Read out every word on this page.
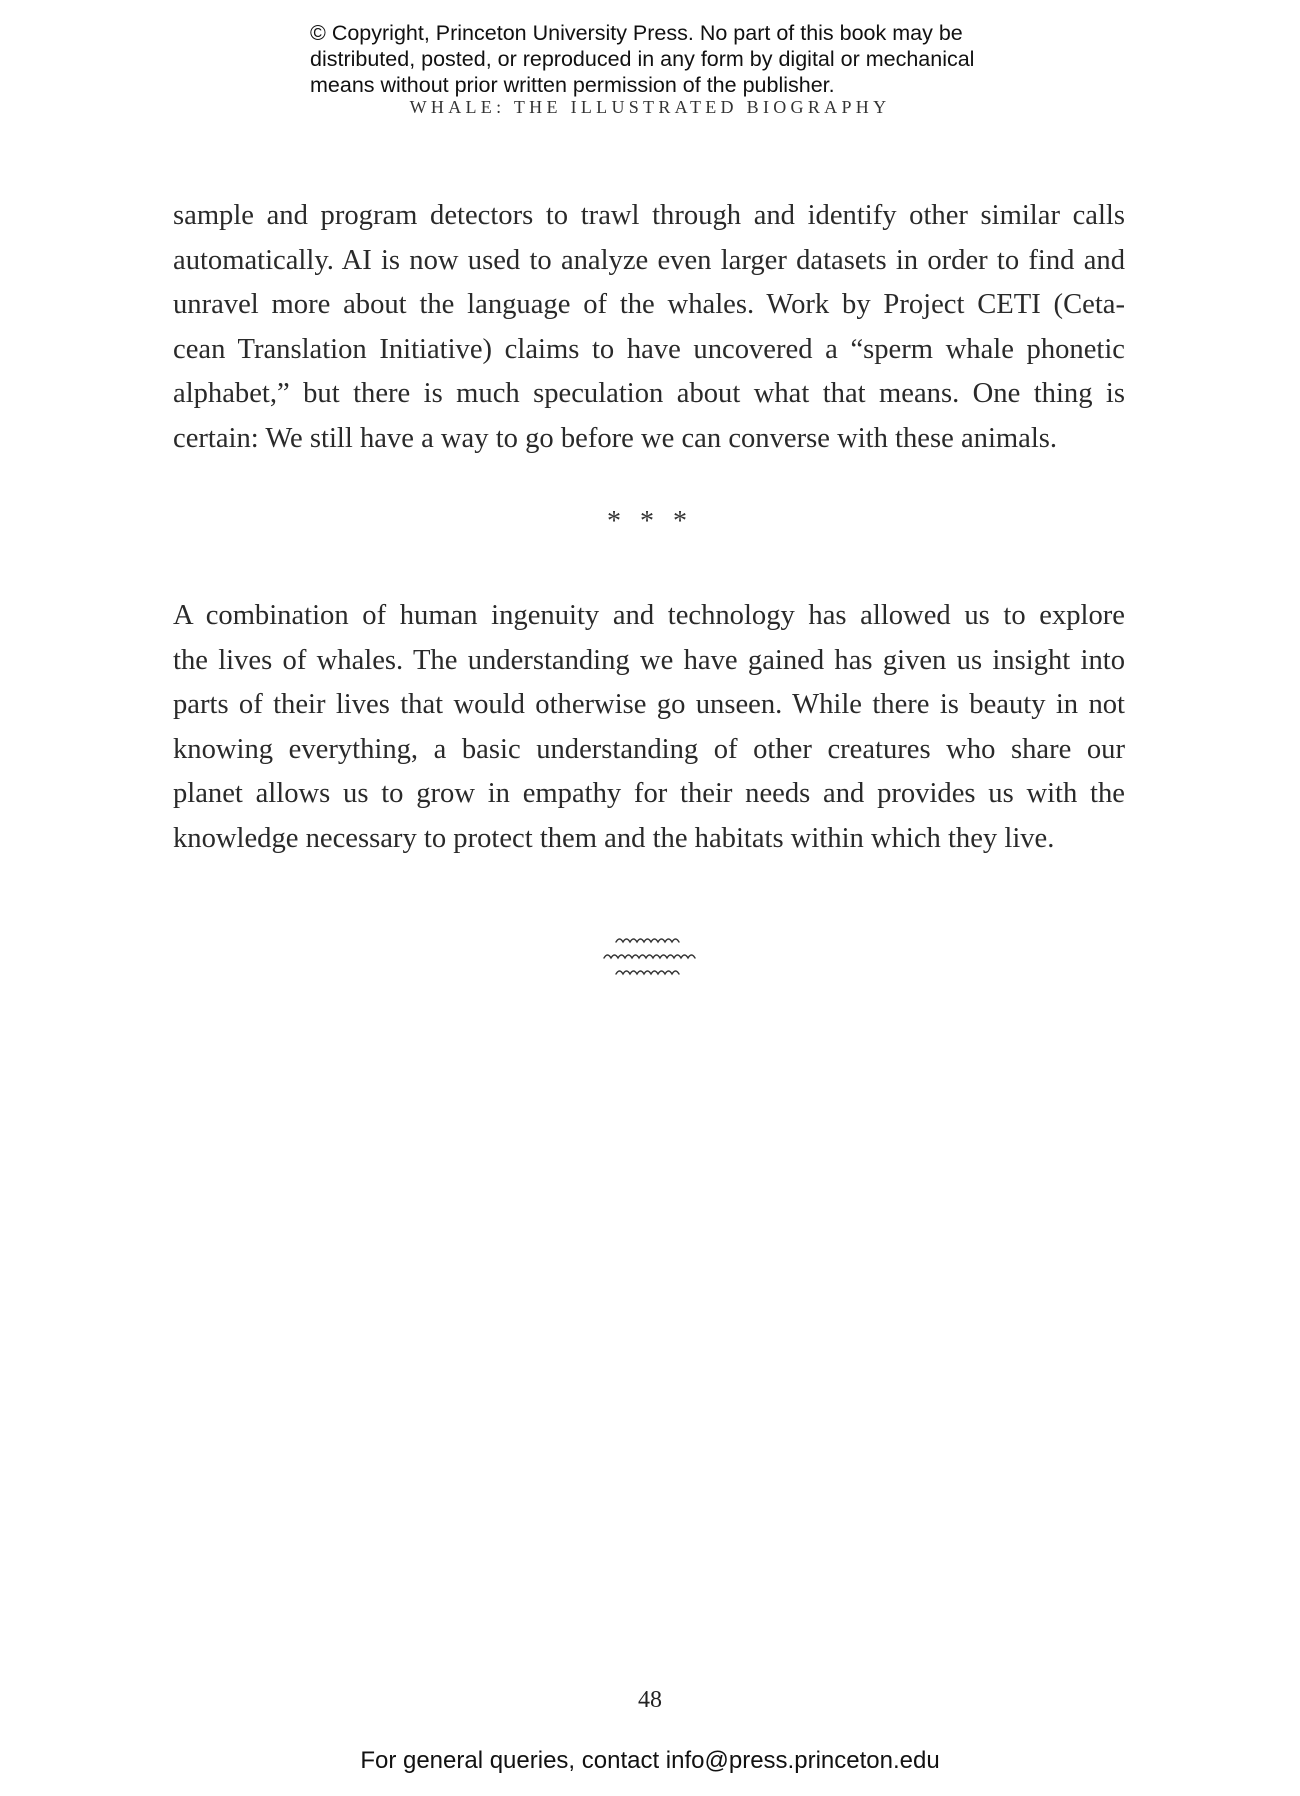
© Copyright, Princeton University Press. No part of this book may be
distributed, posted, or reproduced in any form by digital or mechanical
means without prior written permission of the publisher.
WHALE: THE ILLUSTRATED BIOGRAPHY
sample and program detectors to trawl through and identify other similar calls
automatically. AI is now used to analyze even larger datasets in order to find and
unravel more about the language of the whales. Work by Project CETI (Ceta-
cean Translation Initiative) claims to have uncovered a “sperm whale phonetic
alphabet,” but there is much speculation about what that means. One thing is
certain: We still have a way to go before we can converse with these animals.
* * *
A combination of human ingenuity and technology has allowed us to explore
the lives of whales. The understanding we have gained has given us insight into
parts of their lives that would otherwise go unseen. While there is beauty in not
knowing everything, a basic understanding of other creatures who share our
planet allows us to grow in empathy for their needs and provides us with the
knowledge necessary to protect them and the habitats within which they live.
48
For general queries, contact info@press.princeton.edu
